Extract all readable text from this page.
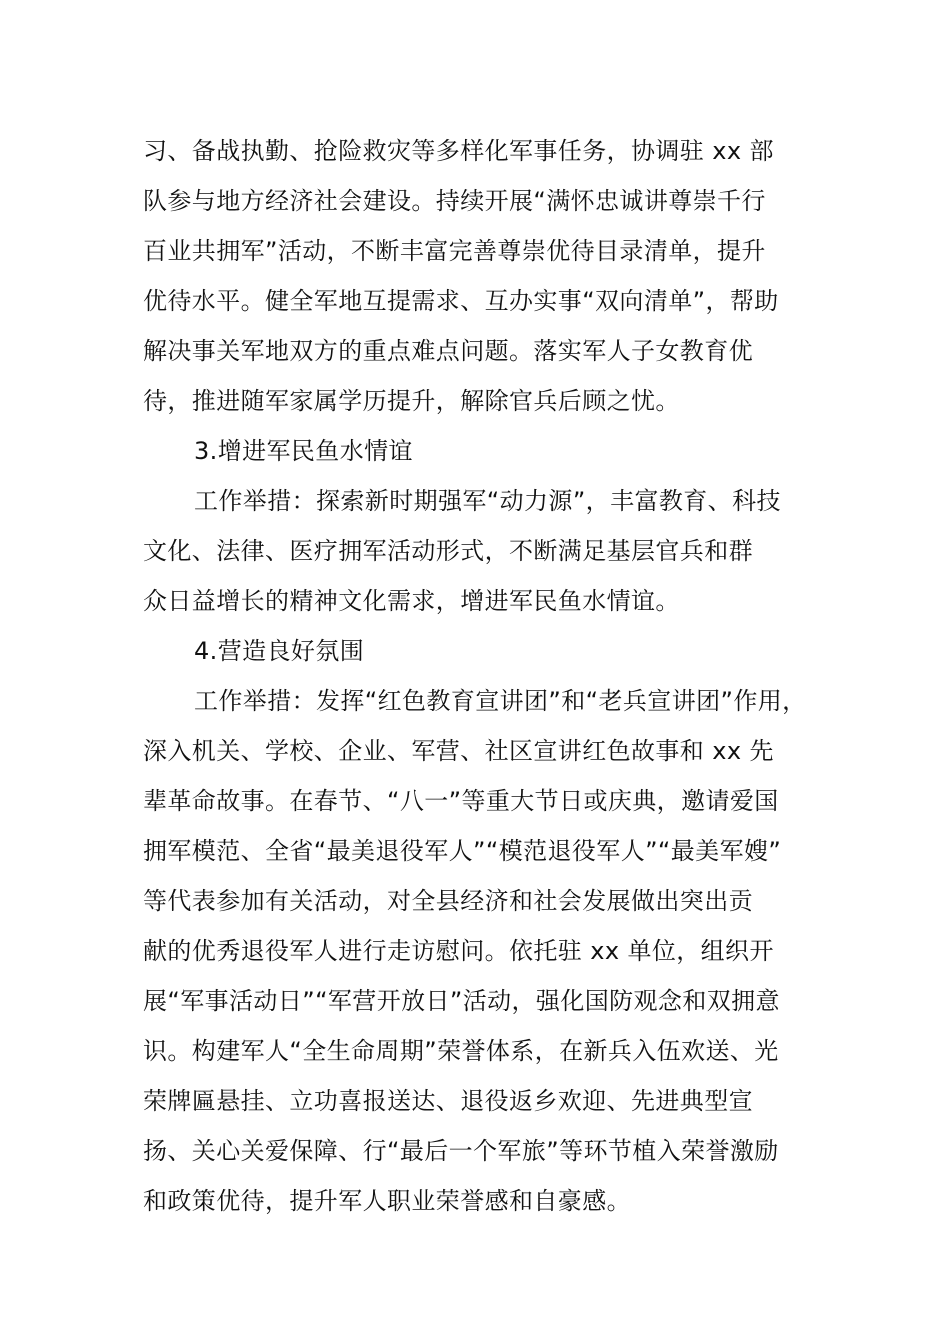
习、备战执勤、抢险救灾等多样化军事任务，协调驻 xx 部
队参与地方经济社会建设。持续开展“满怀忠诚讲尊崇千行
百业共拥军”活动，不断丰富完善尊崇优待目录清单，提升
优待水平。健全军地互提需求、互办实事“双向清单”，帮助
解决事关军地双方的重点难点问题。落实军人子女教育优
待，推进随军家属学历提升，解除官兵后顾之忧。
3.增进军民鱼水情谊
工作举措：探索新时期强军“动力源”，丰富教育、科技
文化、法律、医疗拥军活动形式，不断满足基层官兵和群
众日益增长的精神文化需求，增进军民鱼水情谊。
4.营造良好氛围
工作举措：发挥“红色教育宣讲团”和“老兵宣讲团”作用，
深入机关、学校、企业、军营、社区宣讲红色故事和 xx 先
辈革命故事。在春节、“八一”等重大节日或庆典，邀请爱国
拥军模范、全省“最美退役军人”“模范退役军人”“最美军嫂”
等代表参加有关活动，对全县经济和社会发展做出突出贡
献的优秀退役军人进行走访慰问。依托驻 xx 单位，组织开
展“军事活动日”“军营开放日”活动，强化国防观念和双拥意
识。构建军人“全生命周期”荣誉体系，在新兵入伍欢送、光
荣牌匾悬挂、立功喜报送达、退役返乡欢迎、先进典型宣
扬、关心关爱保障、行“最后一个军旅”等环节植入荣誉激励
和政策优待，提升军人职业荣誉感和自豪感。
